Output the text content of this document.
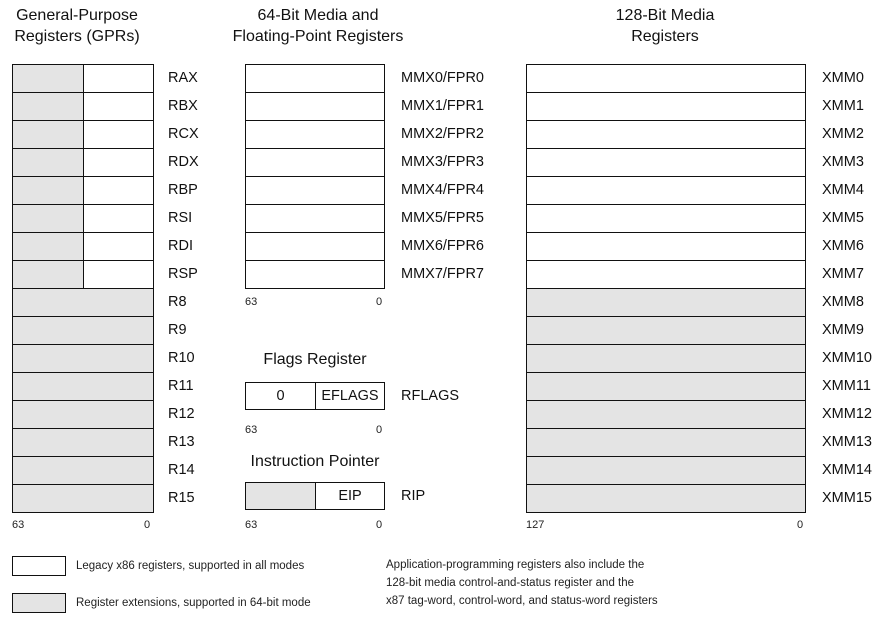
General-Purpose
Registers (GPRs)
64-Bit Media and
Floating-Point Registers
128-Bit Media
Registers
RAX
RBX
RCX
RDX
RBP
RSI
RDI
RSP
R8
R9
R10
R11
R12
R13
R14
R15
63	0
MMX0/FPR0
MMX1/FPR1
MMX2/FPR2
MMX3/FPR3
MMX4/FPR4
MMX5/FPR5
MMX6/FPR6
MMX7/FPR7
63	0
Flags Register
0	EFLAGS	RFLAGS
63	0
Instruction Pointer
EIP	RIP
63	0
XMM0
XMM1
XMM2
XMM3
XMM4
XMM5
XMM6
XMM7
XMM8
XMM9
XMM10
XMM11
XMM12
XMM13
XMM14
XMM15
127	0
Legacy x86 registers, supported in all modes
Register extensions, supported in 64-bit mode
Application-programming registers also include the
128-bit media control-and-status register and the
x87 tag-word, control-word, and status-word registers
